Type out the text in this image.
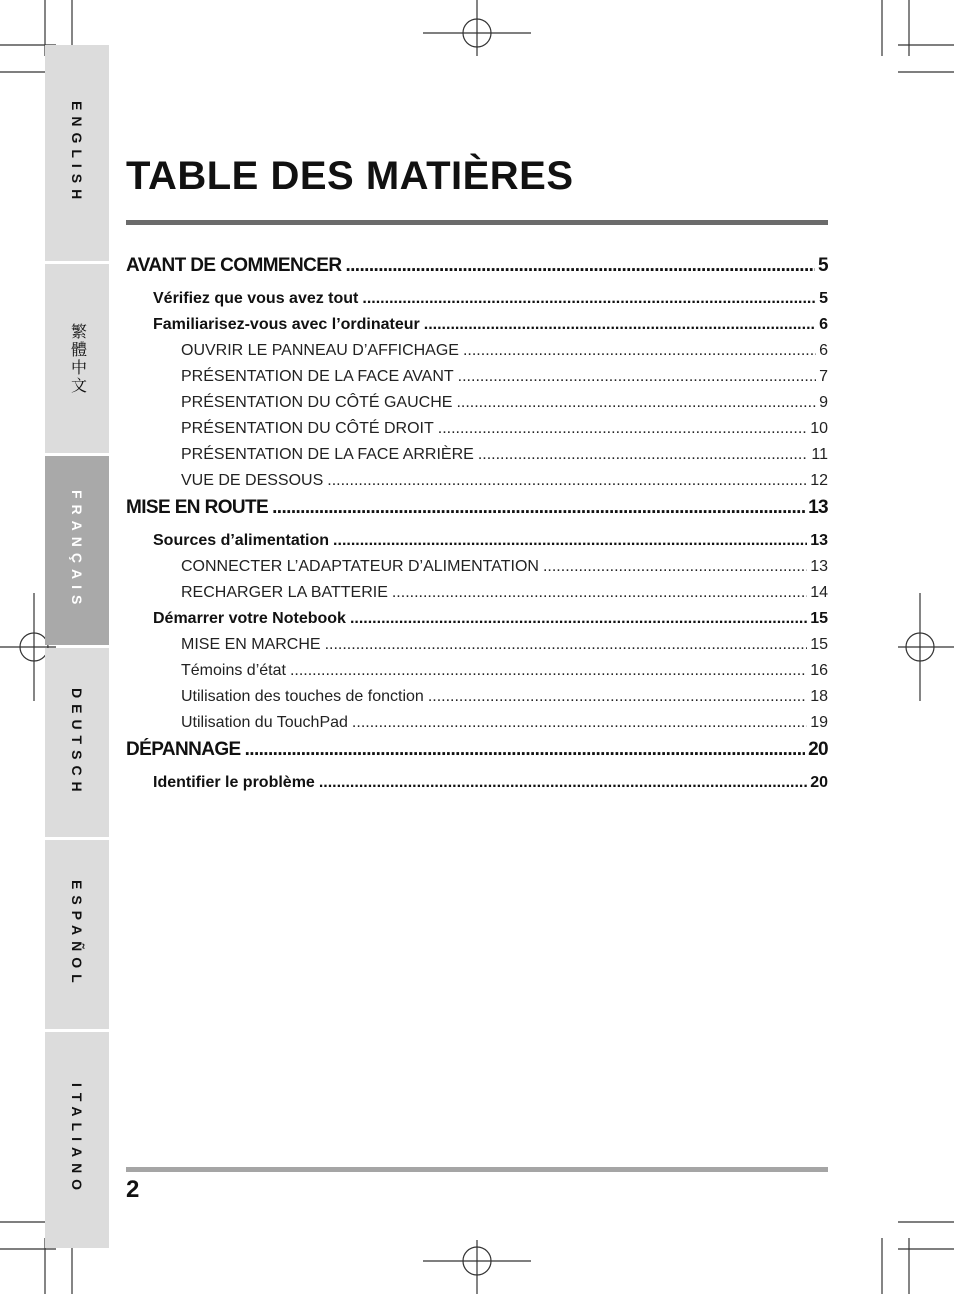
ENGLISH
繁體中文
FRANÇAIS
DEUTSCH
ESPAÑOL
ITALIANO
TABLE DES MATIÈRES
AVANT DE COMMENCER .....	5
Vérifiez que vous avez tout .....	5
Familiarisez-vous avec l’ordinateur .....	6
OUVRIR LE PANNEAU D’AFFICHAGE .....	6
PRÉSENTATION DE LA FACE AVANT .....	7
PRÉSENTATION DU CÔTÉ GAUCHE .....	9
PRÉSENTATION DU CÔTÉ DROIT .....	10
PRÉSENTATION DE LA FACE ARRIÈRE .....	11
VUE DE DESSOUS .....	12
MISE EN ROUTE .....	13
Sources d’alimentation .....	13
CONNECTER L’ADAPTATEUR D’ALIMENTATION .....	13
RECHARGER LA BATTERIE .....	14
Démarrer votre Notebook .....	15
MISE EN MARCHE .....	15
Témoins d’état .....	16
Utilisation des touches de fonction .....	18
Utilisation du TouchPad .....	19
DÉPANNAGE .....	20
Identifier le problème .....	20
2
